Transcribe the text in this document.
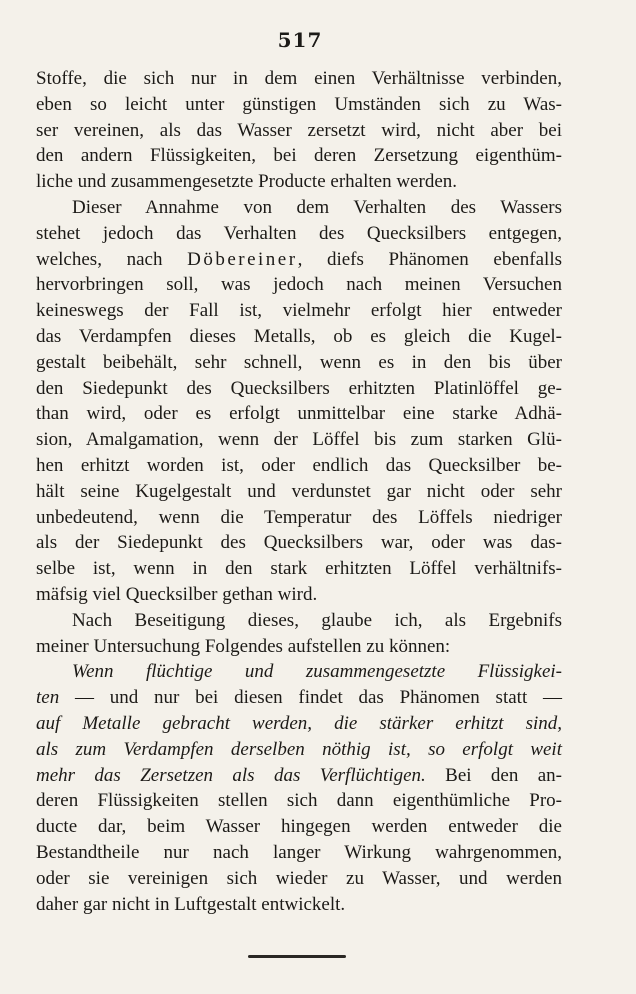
517
Stoffe, die sich nur in dem einen Verhältnisse verbinden,
eben so leicht unter günstigen Umständen sich zu Was-
ser vereinen, als das Wasser zersetzt wird, nicht aber bei
den andern Flüssigkeiten, bei deren Zersetzung eigenthüm-
liche und zusammengesetzte Producte erhalten werden.
Dieser Annahme von dem Verhalten des Wassers
stehet jedoch das Verhalten des Quecksilbers entgegen,
welches, nach Döbereiner, diefs Phänomen ebenfalls
hervorbringen soll, was jedoch nach meinen Versuchen
keineswegs der Fall ist, vielmehr erfolgt hier entweder
das Verdampfen dieses Metalls, ob es gleich die Kugel-
gestalt beibehält, sehr schnell, wenn es in den bis über
den Siedepunkt des Quecksilbers erhitzten Platinlöffel ge-
than wird, oder es erfolgt unmittelbar eine starke Adhä-
sion, Amalgamation, wenn der Löffel bis zum starken Glü-
hen erhitzt worden ist, oder endlich das Quecksilber be-
hält seine Kugelgestalt und verdunstet gar nicht oder sehr
unbedeutend, wenn die Temperatur des Löffels niedriger
als der Siedepunkt des Quecksilbers war, oder was das-
selbe ist, wenn in den stark erhitzten Löffel verhältnifs-
mäfsig viel Quecksilber gethan wird.
Nach Beseitigung dieses, glaube ich, als Ergebnifs
meiner Untersuchung Folgendes aufstellen zu können:
Wenn flüchtige und zusammengesetzte Flüssigkei-
ten — und nur bei diesen findet das Phänomen statt —
auf Metalle gebracht werden, die stärker erhitzt sind,
als zum Verdampfen derselben nöthig ist, so erfolgt weit
mehr das Zersetzen als das Verflüchtigen. Bei den an-
deren Flüssigkeiten stellen sich dann eigenthümliche Pro-
ducte dar, beim Wasser hingegen werden entweder die
Bestandtheile nur nach langer Wirkung wahrgenommen,
oder sie vereinigen sich wieder zu Wasser, und werden
daher gar nicht in Luftgestalt entwickelt.
